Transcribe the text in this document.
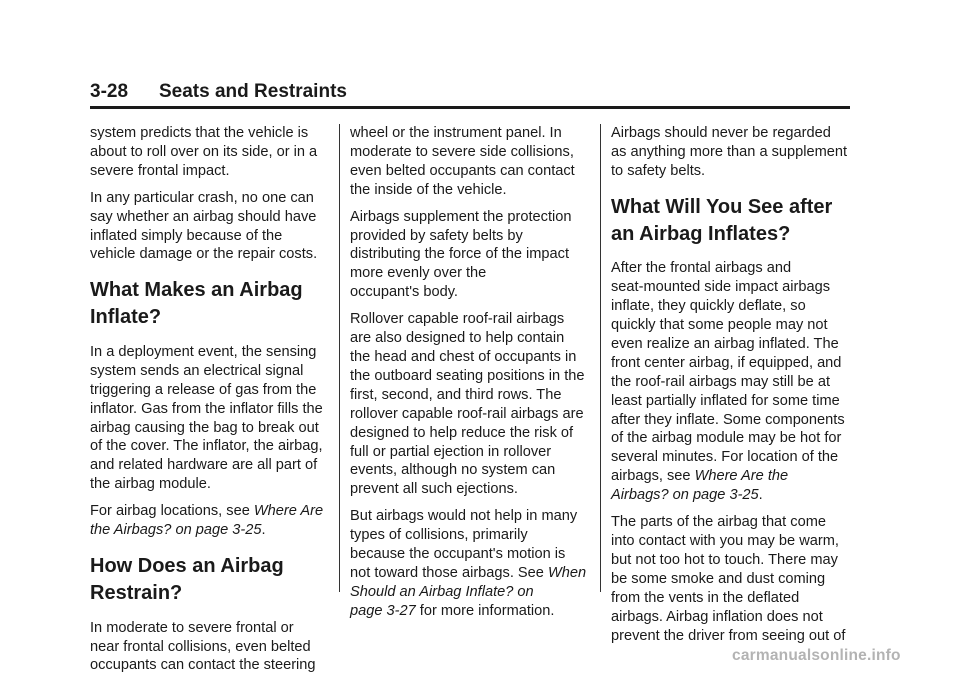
3-28 Seats and Restraints

system predicts that the vehicle is
about to roll over on its side, or in a
severe frontal impact.

In any particular crash, no one can
say whether an airbag should have
inflated simply because of the
vehicle damage or the repair costs.

What Makes an Airbag
Inflate?

In a deployment event, the sensing
system sends an electrical signal
triggering a release of gas from the
inflator. Gas from the inflator fills the
airbag causing the bag to break out
of the cover. The inflator, the airbag,
and related hardware are all part of
the airbag module.

For airbag locations, see Where Are
the Airbags? on page 3-25.

How Does an Airbag
Restrain?

In moderate to severe frontal or
near frontal collisions, even belted
occupants can contact the steering

wheel or the instrument panel. In
moderate to severe side collisions,
even belted occupants can contact
the inside of the vehicle.

Airbags supplement the protection
provided by safety belts by
distributing the force of the impact
more evenly over the
occupant's body.

Rollover capable roof-rail airbags
are also designed to help contain
the head and chest of occupants in
the outboard seating positions in the
first, second, and third rows. The
rollover capable roof-rail airbags are
designed to help reduce the risk of
full or partial ejection in rollover
events, although no system can
prevent all such ejections.

But airbags would not help in many
types of collisions, primarily
because the occupant's motion is
not toward those airbags. See When
Should an Airbag Inflate? on
page 3-27 for more information.

Airbags should never be regarded
as anything more than a supplement
to safety belts.

What Will You See after
an Airbag Inflates?

After the frontal airbags and
seat-mounted side impact airbags
inflate, they quickly deflate, so
quickly that some people may not
even realize an airbag inflated. The
front center airbag, if equipped, and
the roof-rail airbags may still be at
least partially inflated for some time
after they inflate. Some components
of the airbag module may be hot for
several minutes. For location of the
airbags, see Where Are the
Airbags? on page 3-25.

The parts of the airbag that come
into contact with you may be warm,
but not too hot to touch. There may
be some smoke and dust coming
from the vents in the deflated
airbags. Airbag inflation does not
prevent the driver from seeing out of

carmanualsonline.info
